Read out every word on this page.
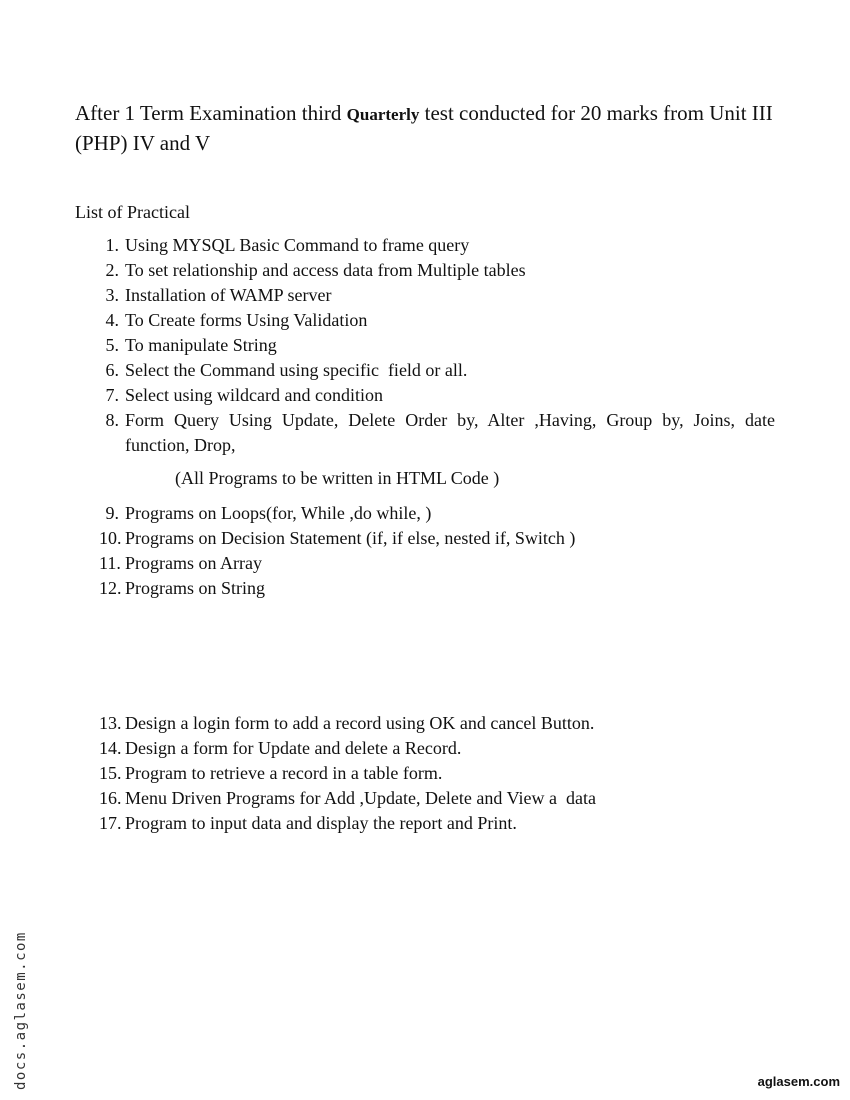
After 1 Term Examination third Quarterly test conducted for 20 marks from Unit III (PHP) IV and V
List of Practical
1. Using MYSQL Basic Command to frame query
2. To set relationship and access data from Multiple tables
3. Installation of WAMP server
4. To Create forms Using Validation
5. To manipulate String
6. Select the Command using specific  field or all.
7. Select using wildcard and condition
8. Form Query Using Update, Delete Order by, Alter ,Having, Group by, Joins, date function, Drop,
(All Programs to be written in HTML Code )
9. Programs on Loops(for, While ,do while, )
10. Programs on Decision Statement (if, if else, nested if, Switch )
11. Programs on Array
12. Programs on String
13. Design a login form to add a record using OK and cancel Button.
14. Design a form for Update and delete a Record.
15. Program to retrieve a record in a table form.
16. Menu Driven Programs for Add ,Update, Delete and View a  data
17. Program to input data and display the report and Print.
docs.aglasem.com	aglasem.com
